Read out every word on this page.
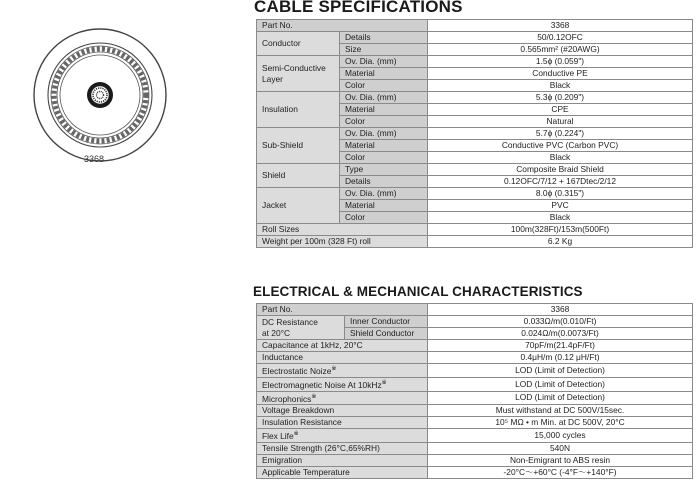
3368
CABLE SPECIFICATIONS
Part No.		3368
Conductor	Details	50/0.12OFC
	Size	0.565mm² (#20AWG)
Semi-Conductive
Layer	Ov. Dia. (mm)	1.5ϕ (0.059")
	Material	Conductive PE
	Color	Black
Insulation	Ov. Dia. (mm)	5.3ϕ (0.209")
	Material	CPE
	Color	Natural
Sub-Shield	Ov. Dia. (mm)	5.7ϕ (0.224")
	Material	Conductive PVC (Carbon PVC)
	Color	Black
Shield	Type	Composite Braid Shield
	Details	0.12OFC/7/12 + 167Dtec/2/12
Jacket	Ov. Dia. (mm)	8.0ϕ (0.315")
	Material	PVC
	Color	Black
Roll Sizes		100m(328Ft)/153m(500Ft)
Weight per 100m (328 Ft) roll		6.2 Kg
ELECTRICAL & MECHANICAL CHARACTERISTICS
Part No.		3368
DC Resistance
at 20°C	Inner Conductor	0.033Ω/m(0.010/Ft)
	Shield Conductor	0.024Ω/m(0.0073/Ft)
Capacitance at 1kHz, 20°C		70pF/m(21.4pF/Ft)
Inductance		0.4μH/m (0.12 μH/Ft)
Electrostatic Noize※		LOD (Limit of Detection)
Electromagnetic Noise At 10kHz※		LOD (Limit of Detection)
Microphonics※		LOD (Limit of Detection)
Voltage Breakdown		Must withstand at DC 500V/15sec.
Insulation Resistance		10⁵ MΩ • m Min. at DC 500V, 20°C
Flex Life※		15,000 cycles
Tensile Strength (26°C,65%RH)		540N
Emigration		Non-Emigrant to ABS resin
Applicable Temperature		-20°C～+60°C (-4°F～+140°F)
